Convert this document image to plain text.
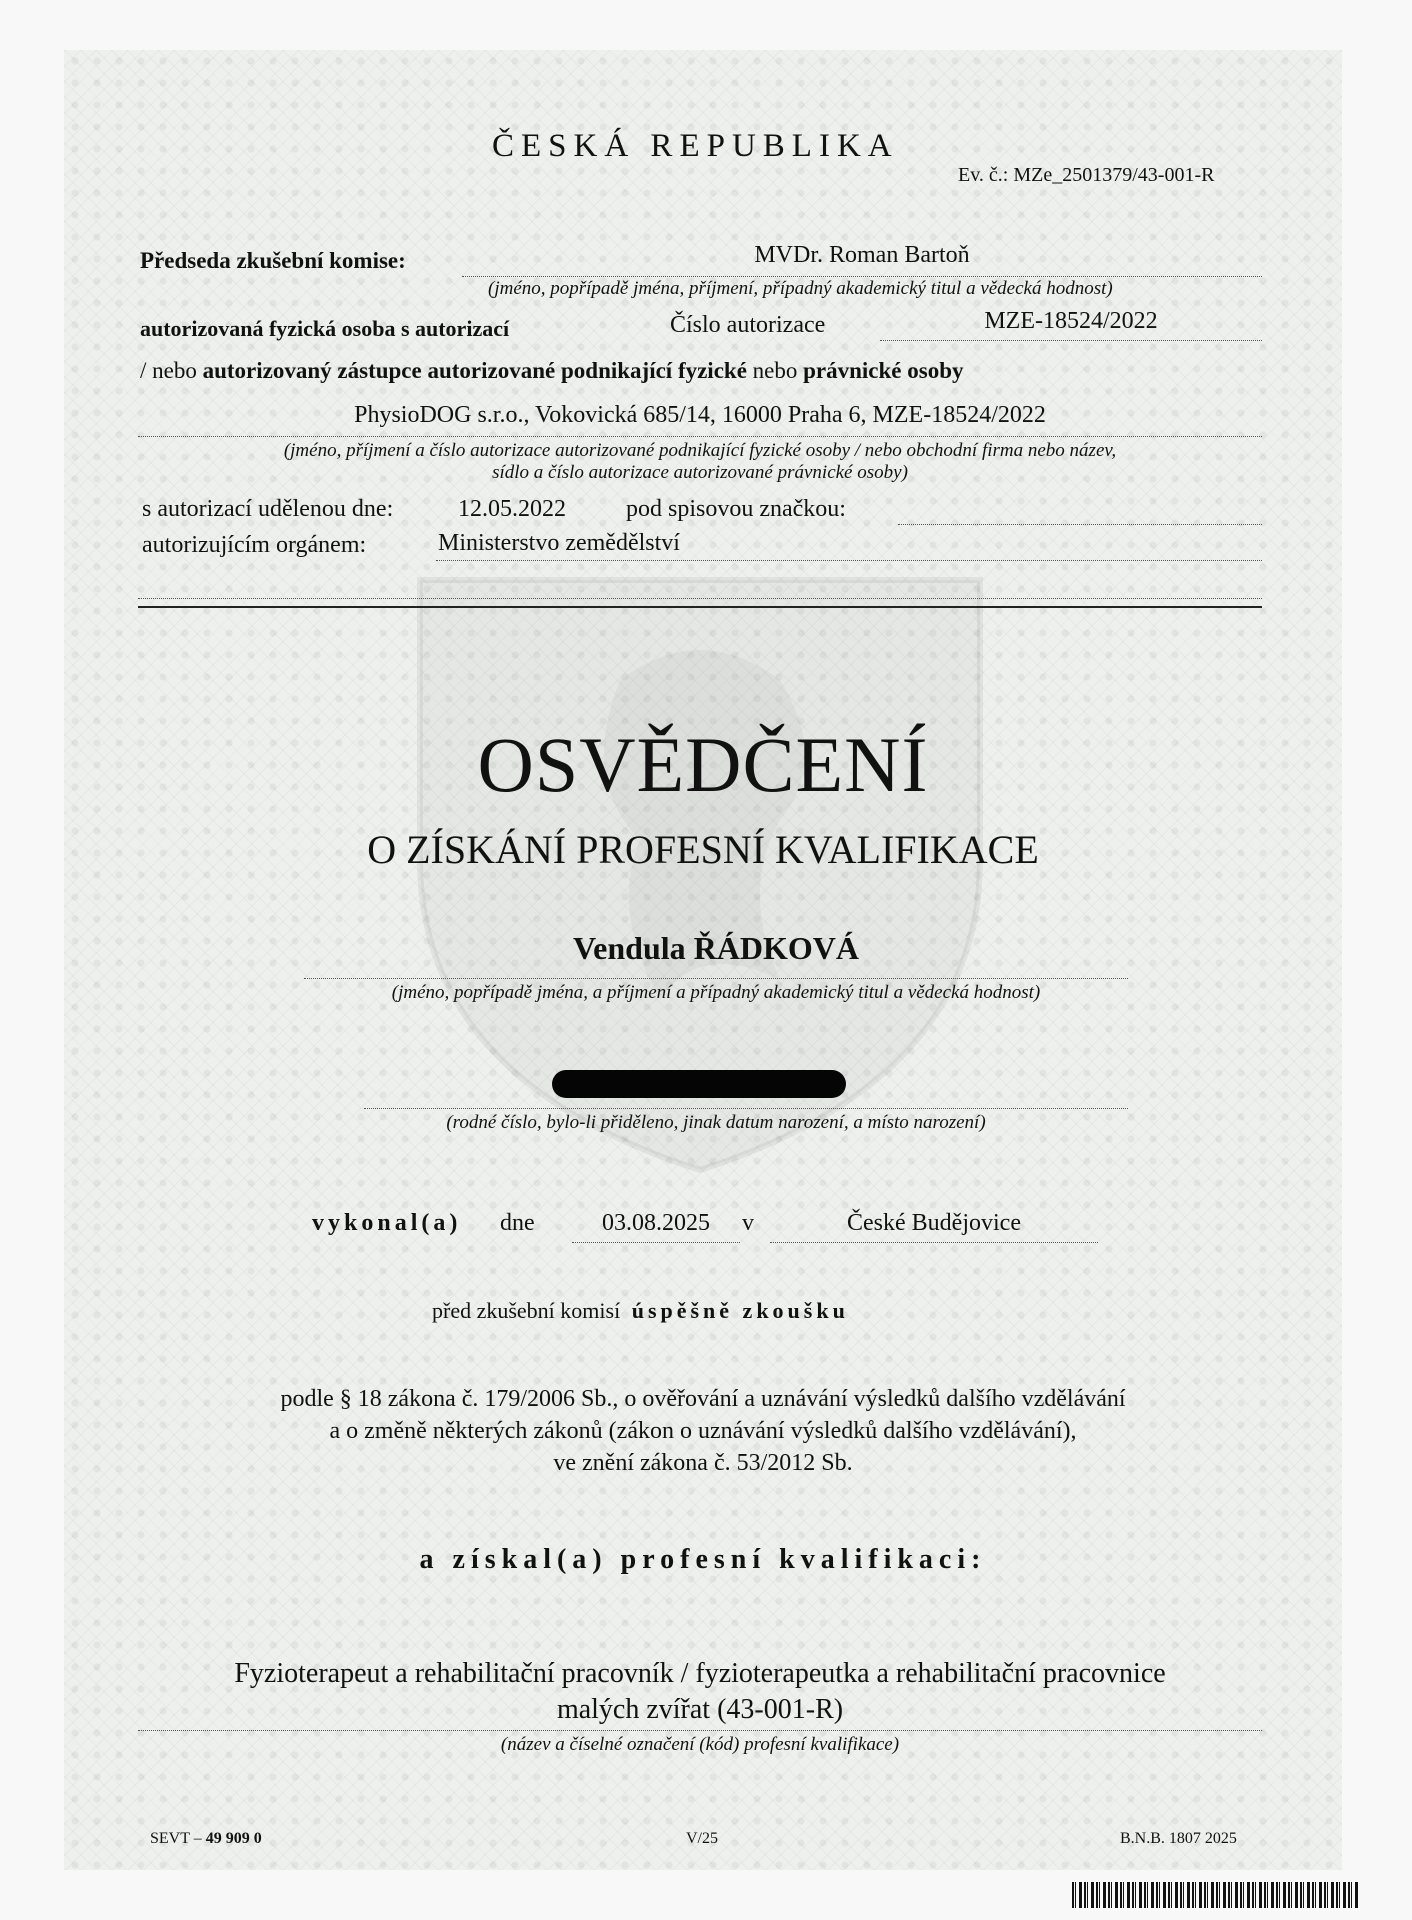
ČESKÁ REPUBLIKA
Ev. č.: MZe_2501379/43-001-R
Předseda zkušební komise:	MVDr. Roman Bartoň
(jméno, popřípadě jména, příjmení, případný akademický titul a vědecká hodnost)
autorizovaná fyzická osoba s autorizací	Číslo autorizace	MZE-18524/2022
/ nebo autorizovaný zástupce autorizované podnikající fyzické nebo právnické osoby
PhysioDOG s.r.o., Vokovická 685/14, 16000 Praha 6, MZE-18524/2022
(jméno, příjmení a číslo autorizace autorizované podnikající fyzické osoby / nebo obchodní firma nebo název,
sídlo a číslo autorizace autorizované právnické osoby)
s autorizací udělenou dne:	12.05.2022	pod spisovou značkou:
autorizujícím orgánem:	Ministerstvo zemědělství
OSVĚDČENÍ
O ZÍSKÁNÍ PROFESNÍ KVALIFIKACE
Vendula ŘÁDKOVÁ
(jméno, popřípadě jména, a příjmení a případný akademický titul a vědecká hodnost)
(rodné číslo, bylo-li přiděleno, jinak datum narození, a místo narození)
vykonal(a) dne	03.08.2025	v	České Budějovice
před zkušební komisí úspěšně zkoušku
podle § 18 zákona č. 179/2006 Sb., o ověřování a uznávání výsledků dalšího vzdělávání
a o změně některých zákonů (zákon o uznávání výsledků dalšího vzdělávání),
ve znění zákona č. 53/2012 Sb.
a získal(a) profesní kvalifikaci:
Fyzioterapeut a rehabilitační pracovník / fyzioterapeutka a rehabilitační pracovnice
malých zvířat (43-001-R)
(název a číselné označení (kód) profesní kvalifikace)
SEVT – 49 909 0	V/25	B.N.B. 1807 2025
